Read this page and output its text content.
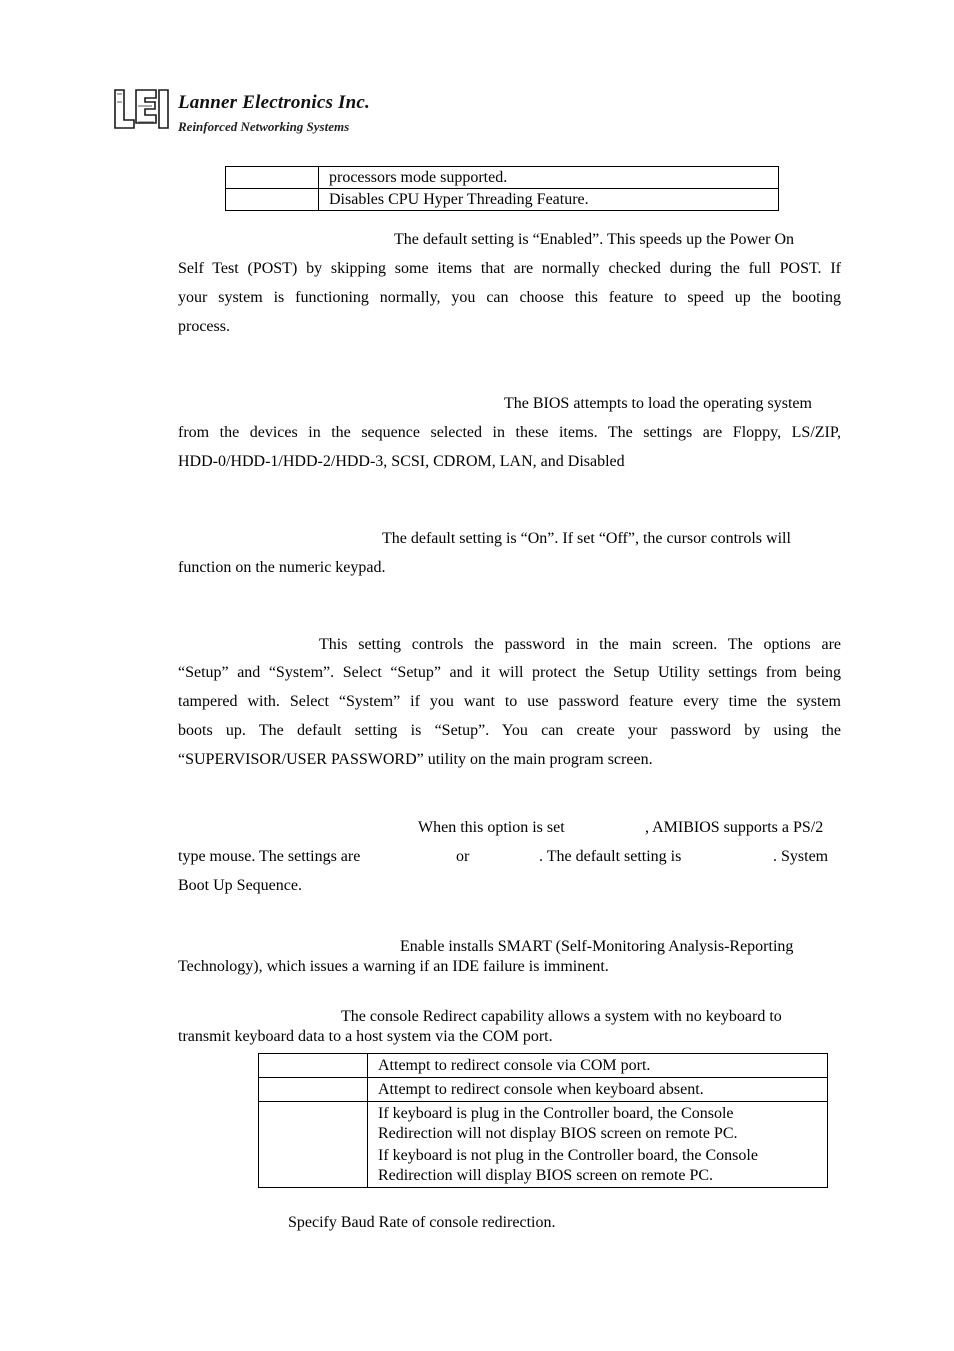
Lanner Electronics Inc.
Reinforced Networking Systems
	processors mode supported.
	Disables CPU Hyper Threading Feature.
The default setting is “Enabled”. This speeds up the Power On
Self Test (POST) by skipping some items that are normally checked during the full POST. If
your system is functioning normally, you can choose this feature to speed up the booting
process.
The BIOS attempts to load the operating system
from the devices in the sequence selected in these items. The settings are Floppy, LS/ZIP,
HDD-0/HDD-1/HDD-2/HDD-3, SCSI, CDROM, LAN, and Disabled
The default setting is “On”. If set “Off”, the cursor controls will
function on the numeric keypad.
This setting controls the password in the main screen. The options are
“Setup” and “System”. Select “Setup” and it will protect the Setup Utility settings from being
tampered with. Select “System” if you want to use password feature every time the system
boots up. The default setting is “Setup”. You can create your password by using the
“SUPERVISOR/USER PASSWORD” utility on the main program screen.
When this option is set	, AMIBIOS supports a PS/2
type mouse. The settings are	or	. The default setting is	. System
Boot Up Sequence.
Enable installs SMART (Self-Monitoring Analysis-Reporting
Technology), which issues a warning if an IDE failure is imminent.
The console Redirect capability allows a system with no keyboard to
transmit keyboard data to a host system via the COM port.

	Attempt to redirect console via COM port.

	Attempt to redirect console when keyboard absent.

	If keyboard is plug in the Controller board, the Console
Redirection will not display BIOS screen on remote PC.
If keyboard is not plug in the Controller board, the Console
Redirection will display BIOS screen on remote PC.
Specify Baud Rate of console redirection.
